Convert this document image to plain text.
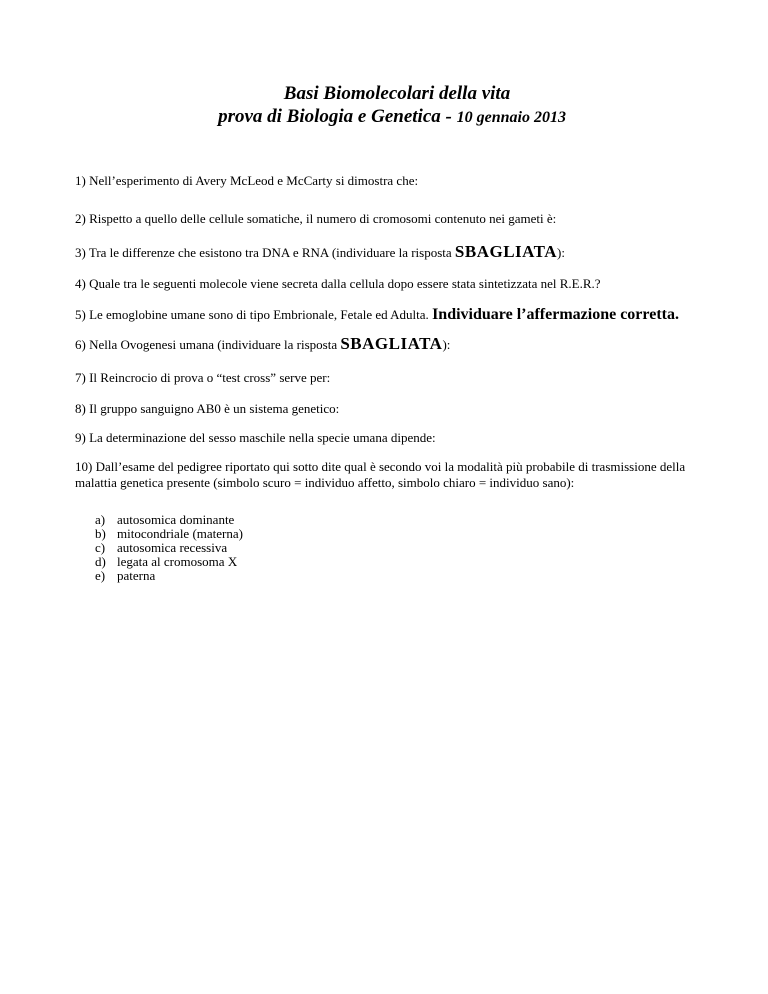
Basi Biomolecolari della vita
prova di Biologia e Genetica - 10 gennaio 2013
1) Nell’esperimento di Avery McLeod e McCarty si dimostra che:
2) Rispetto a quello delle cellule somatiche, il numero di cromosomi contenuto nei gameti è:
3) Tra le differenze che esistono tra DNA e RNA (individuare la risposta SBAGLIATA):
4) Quale tra le seguenti molecole viene secreta dalla cellula dopo essere stata sintetizzata nel R.E.R.?
5) Le emoglobine umane sono di tipo Embrionale, Fetale ed Adulta. Individuare l’affermazione corretta.
6) Nella Ovogenesi umana (individuare la risposta SBAGLIATA):
7) Il Reincrocio di prova o “test cross” serve per:
8) Il gruppo sanguigno AB0 è un sistema genetico:
9) La determinazione del sesso maschile nella specie umana dipende:
10) Dall’esame del pedigree riportato qui sotto dite qual è secondo voi la modalità più probabile di trasmissione della malattia genetica presente (simbolo scuro = individuo affetto, simbolo chiaro = individuo sano):
a) autosomica dominante
b) mitocondriale (materna)
c) autosomica recessiva
d) legata al cromosoma X
e) paterna
